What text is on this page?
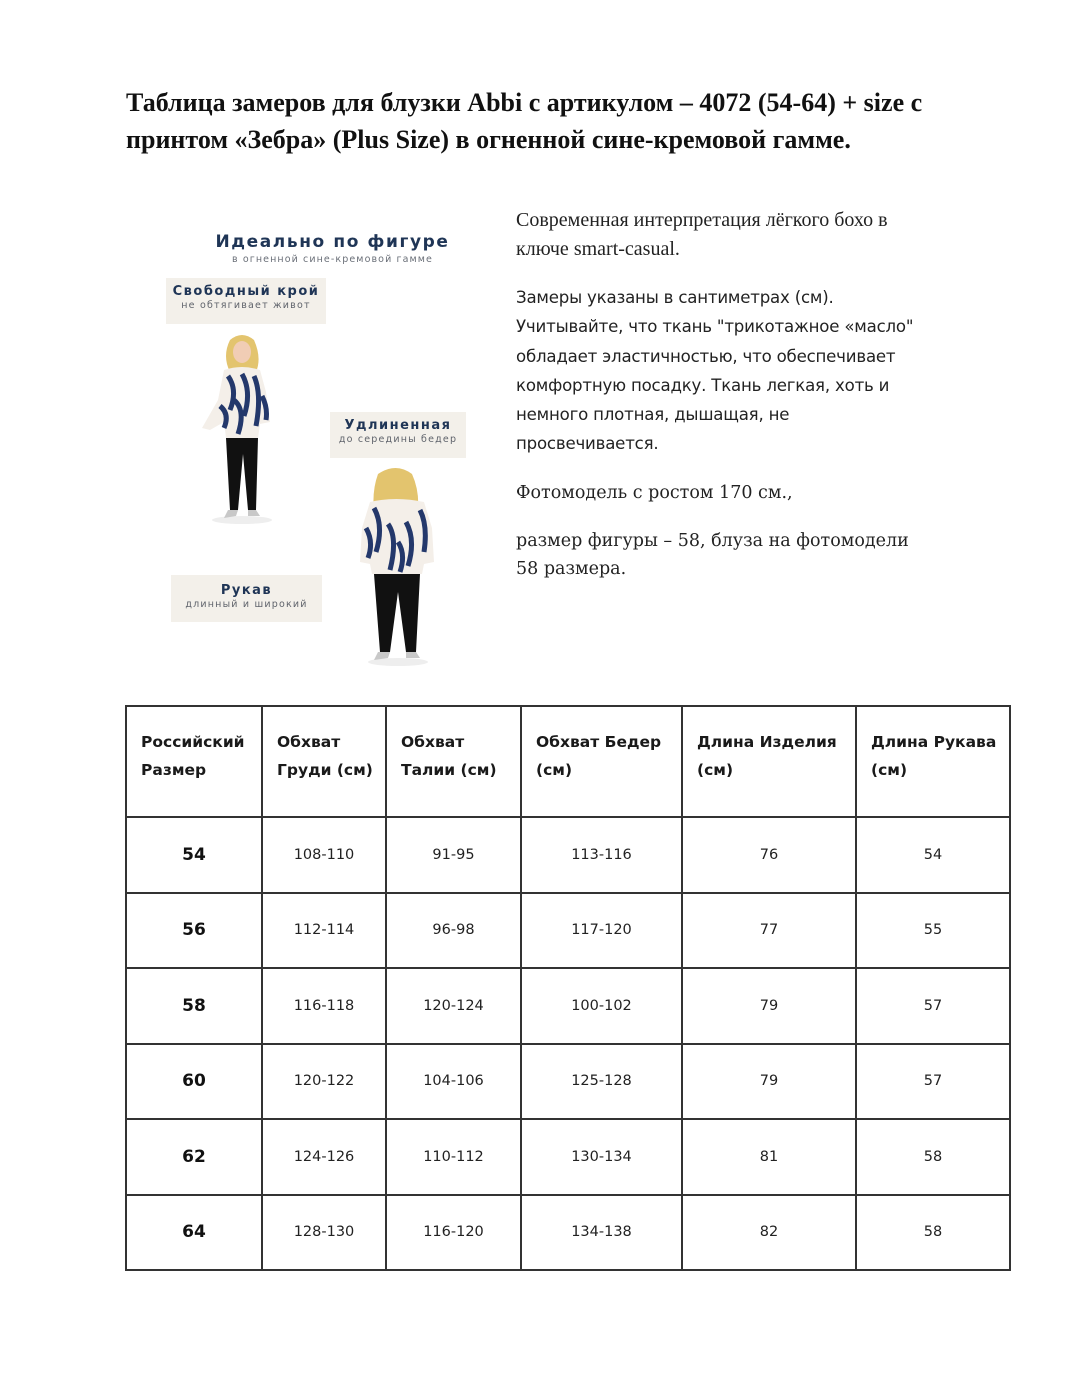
Таблица замеров для блузки Abbi с артикулом – 4072 (54-64) + size с принтом «Зебра» (Plus Size) в огненной сине-кремовой гамме.
Идеально по фигуре
в огненной сине-кремовой гамме
Свободный крой
не обтягивает живот
Удлиненная
до середины бедер
Рукав
длинный и широкий

Современная интерпретация лёгкого бохо в ключе smart-casual.

Замеры указаны в сантиметрах (см). Учитывайте, что ткань "трикотажное «масло" обладает эластичностью, что обеспечивает комфортную посадку. Ткань легкая, хоть и немного плотная, дышащая, не просвечивается.

Фотомодель с ростом 170 см.,

размер фигуры – 58, блуза на фотомодели 58 размера.

Российский Размер	Обхват Груди (см)	Обхват Талии (см)	Обхват Бедер (см)	Длина Изделия (см)	Длина Рукава (см)
54	108-110	91-95	113-116	76	54
56	112-114	96-98	117-120	77	55
58	116-118	120-124	100-102	79	57
60	120-122	104-106	125-128	79	57
62	124-126	110-112	130-134	81	58
64	128-130	116-120	134-138	82	58
